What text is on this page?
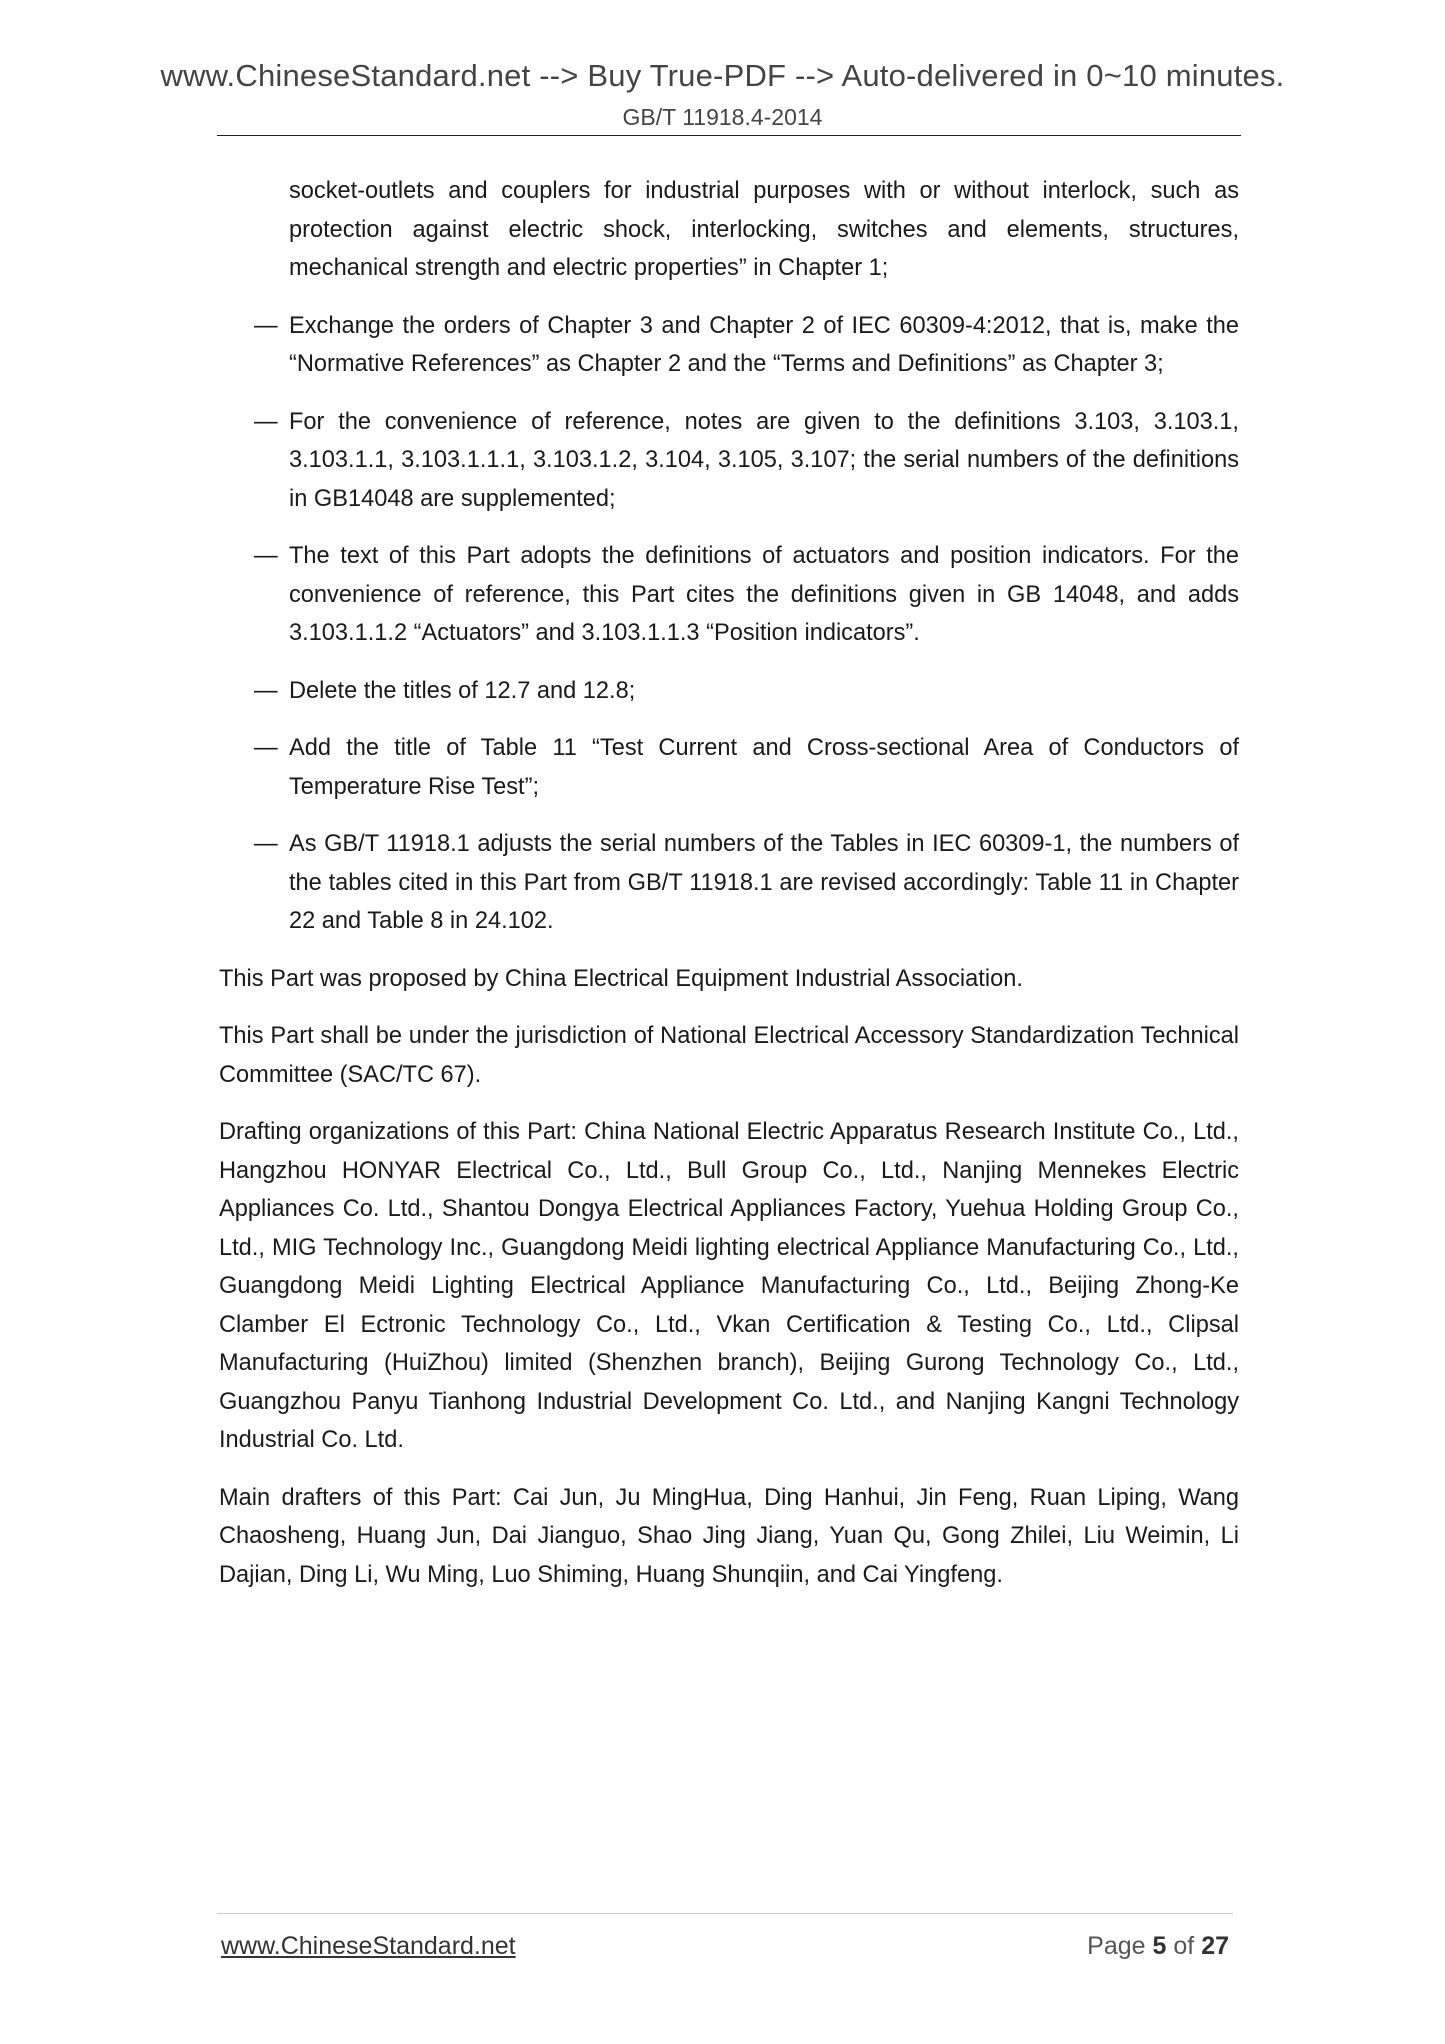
www.ChineseStandard.net --> Buy True-PDF --> Auto-delivered in 0~10 minutes.
GB/T 11918.4-2014
socket-outlets and couplers for industrial purposes with or without interlock, such as protection against electric shock, interlocking, switches and elements, structures, mechanical strength and electric properties” in Chapter 1;
— Exchange the orders of Chapter 3 and Chapter 2 of IEC 60309-4:2012, that is, make the “Normative References” as Chapter 2 and the “Terms and Definitions” as Chapter 3;
— For the convenience of reference, notes are given to the definitions 3.103, 3.103.1, 3.103.1.1, 3.103.1.1.1, 3.103.1.2, 3.104, 3.105, 3.107; the serial numbers of the definitions in GB14048 are supplemented;
— The text of this Part adopts the definitions of actuators and position indicators. For the convenience of reference, this Part cites the definitions given in GB 14048, and adds 3.103.1.1.2 “Actuators” and 3.103.1.1.3 “Position indicators”.
— Delete the titles of 12.7 and 12.8;
— Add the title of Table 11 “Test Current and Cross-sectional Area of Conductors of Temperature Rise Test”;
— As GB/T 11918.1 adjusts the serial numbers of the Tables in IEC 60309-1, the numbers of the tables cited in this Part from GB/T 11918.1 are revised accordingly: Table 11 in Chapter 22 and Table 8 in 24.102.

This Part was proposed by China Electrical Equipment Industrial Association.

This Part shall be under the jurisdiction of National Electrical Accessory Standardization Technical Committee (SAC/TC 67).

Drafting organizations of this Part: China National Electric Apparatus Research Institute Co., Ltd., Hangzhou HONYAR Electrical Co., Ltd., Bull Group Co., Ltd., Nanjing Mennekes Electric Appliances Co. Ltd., Shantou Dongya Electrical Appliances Factory, Yuehua Holding Group Co., Ltd., MIG Technology Inc., Guangdong Meidi lighting electrical Appliance Manufacturing Co., Ltd., Guangdong Meidi Lighting Electrical Appliance Manufacturing Co., Ltd., Beijing Zhong-Ke Clamber El Ectronic Technology Co., Ltd., Vkan Certification & Testing Co., Ltd., Clipsal Manufacturing (HuiZhou) limited (Shenzhen branch), Beijing Gurong Technology Co., Ltd., Guangzhou Panyu Tianhong Industrial Development Co. Ltd., and Nanjing Kangni Technology Industrial Co. Ltd.

Main drafters of this Part: Cai Jun, Ju MingHua, Ding Hanhui, Jin Feng, Ruan Liping, Wang Chaosheng, Huang Jun, Dai Jianguo, Shao Jing Jiang, Yuan Qu, Gong Zhilei, Liu Weimin, Li Dajian, Ding Li, Wu Ming, Luo Shiming, Huang Shunqiin, and Cai Yingfeng.

www.ChineseStandard.net	Page 5 of 27
